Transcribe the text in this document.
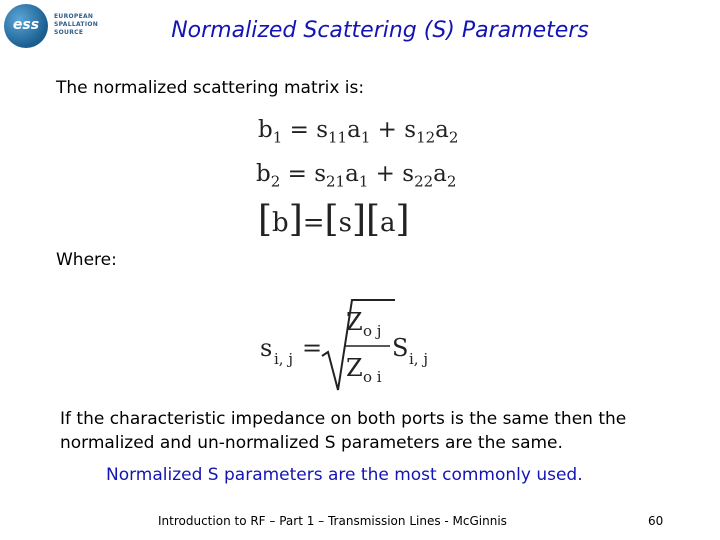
ess
EUROPEAN
SPALLATION
SOURCE	Normalized Scattering (S) Parameters
The normalized scattering matrix is:
$b_1 = s_{11}a_1 + s_{12}a_2$
$b_2 = s_{21}a_1 + s_{22}a_2$
[b]=[s][a]
Where:
s i, j =
Z o j
Z o i
S i, j
If the characteristic impedance on both ports is the same then the normalized and un-normalized S parameters are the same.
Normalized S parameters are the most commonly used.
Introduction to RF – Part 1 – Transmission Lines - McGinnis	60
